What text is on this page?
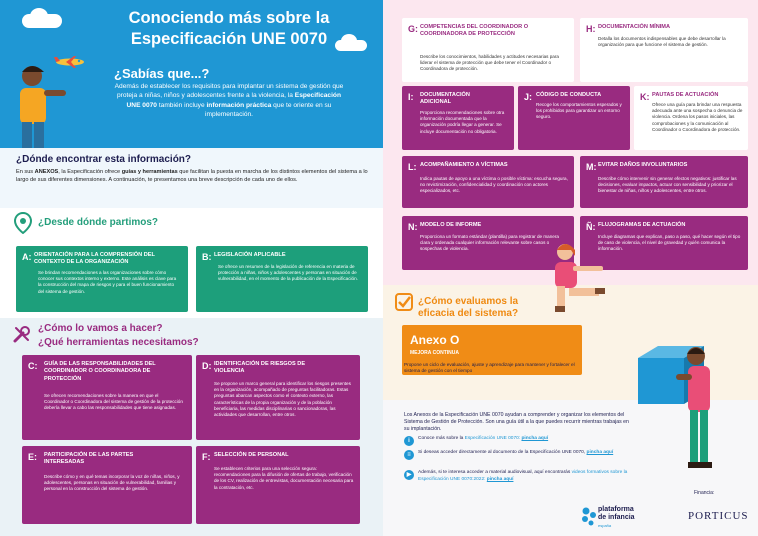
Conociendo más sobre la
Especificación UNE 0070
¿Sabías que...?
Además de establecer los requisitos para implantar un sistema de gestión que proteja a niñas, niños y adolescentes frente a la violencia, la Especificación UNE 0070 también incluye información práctica que te oriente en su implementación.
¿Dónde encontrar esta información?
En sus ANEXOS, la Especificación ofrece guías y herramientas que facilitan la puesta en marcha de los distintos elementos del sistema a lo largo de sus diferentes dimensiones. A continuación, te presentamos una breve descripción de cada uno de ellos.
¿Desde dónde partimos?
A: ORIENTACIÓN PARA LA COMPRENSIÓN DEL CONTEXTO DE LA ORGANIZACIÓN
Se brindan recomendaciones a las organizaciones sobre cómo conocer sus contextos interno y externo. Este análisis es clave para la construcción del mapa de riesgos y para el buen funcionamiento del sistema de gestión.
B: LEGISLACIÓN APLICABLE
Se ofrece un resumen de la legislación de referencia en materia de protección a niñas, niños y adolescentes y personas en situación de vulnerabilidad, en el momento de la publicación de la Especificación.
¿Cómo lo vamos a hacer?
¿Qué herramientas necesitamos?
C: GUÍA DE LAS RESPONSABILIDADES DEL COORDINADOR O COORDINADORA DE PROTECCIÓN
Se ofrecen recomendaciones sobre la manera en que el Coordinador o Coordinadora del sistema de gestión de la protección debería llevar a cabo las responsabilidades que tiene asignadas.
D: IDENTIFICACIÓN DE RIESGOS DE VIOLENCIA
Se propone un marco general para identificar los riesgos presentes en la organización, acompañado de preguntas facilitadoras. Estas preguntas abarcan aspectos como el contexto externo, las características de la propia organización y de la población beneficiaria, las medidas disciplinarias o sancionadoras, las actividades que desarrollan, entre otros.
E: PARTICIPACIÓN DE LAS PARTES INTERESADAS
Describe cómo y en qué temas incorporar la voz de niñas, niños, y adolescentes, personas en situación de vulnerabilidad, familias y personal en la construcción del sistema de gestión.
F: SELECCIÓN DE PERSONAL
Se establecen criterios para una selección segura: recomendaciones para la difusión de ofertas de trabajo, verificación de los CV, realización de entrevistas, documentación necesaria para la contratación, etc.
G: COMPETENCIAS DEL COORDINADOR O COORDINADORA DE PROTECCIÓN
Describe los conocimientos, habilidades y actitudes necesarias para liderar el sistema de protección que debe tener el Coordinador o Coordinadora de protección.
H: DOCUMENTACIÓN MÍNIMA
Detalla los documentos indispensables que debe desarrollar la organización para que funcione el sistema de gestión.
I: DOCUMENTACIÓN ADICIONAL
Proporciona recomendaciones sobre otra información documentada que la organización podría llegar a generar. Se incluye documentación no obligatoria.
J: CÓDIGO DE CONDUCTA
Recoge los comportamientos esperados y los prohibidos para garantizar un entorno seguro.
K: PAUTAS DE ACTUACIÓN
Ofrece una guía para brindar una respuesta adecuada ante una sospecha o denuncia de violencia. Ordena los pasos iniciales, las comprobaciones y la comunicación al Coordinador o Coordinadora de protección.
L: ACOMPAÑAMIENTO A VÍCTIMAS
Indica pautas de apoyo a una víctima o posible víctima: escucha segura, no revictimización, confidencialidad y coordinación con actores especializados, etc.
M: EVITAR DAÑOS INVOLUNTARIOS
Describe cómo intervenir sin generar efectos negativos: justificar las decisiones, evaluar impactos, actuar con sensibilidad y priorizar el bienestar de niñas, niños y adolescentes, entre otros.
N: MODELO DE INFORME
Proporciona un formato estándar (plantilla) para registrar de manera clara y ordenada cualquier información relevante sobre casos o sospechas de violencia.
Ñ: FLUJOGRAMAS DE ACTUACIÓN
Incluye diagramas que explican, paso a paso, qué hacer según el tipo de caso de violencia, el nivel de gravedad y quién comunica la información.
¿Cómo evaluamos la
eficacia del sistema?
Anexo O
MEJORA CONTINUA
Propone un ciclo de evaluación, ajuste y aprendizaje para mantener y fortalecer el sistema de gestión con el tiempo
Los Anexos de la Especificación UNE 0070 ayudan a comprender y organizar los elementos del Sistema de Gestión de Protección. Son una guía útil a la que puedes recurrir mientras trabajas en su implantación.
i	Conoce más sobre la Especificación UNE 0070: pincha aquí
≡	Si deseas acceder directamente al documento de la Especificación UNE 0070, pincha aquí
▶	Además, si te interesa acceder a material audiovisual, aquí encontrarás videos formativos sobre la Especificación UNE 0070:2022: pincha aquí
plataforma
de infancia
españa
Financia:
PORTICUS
